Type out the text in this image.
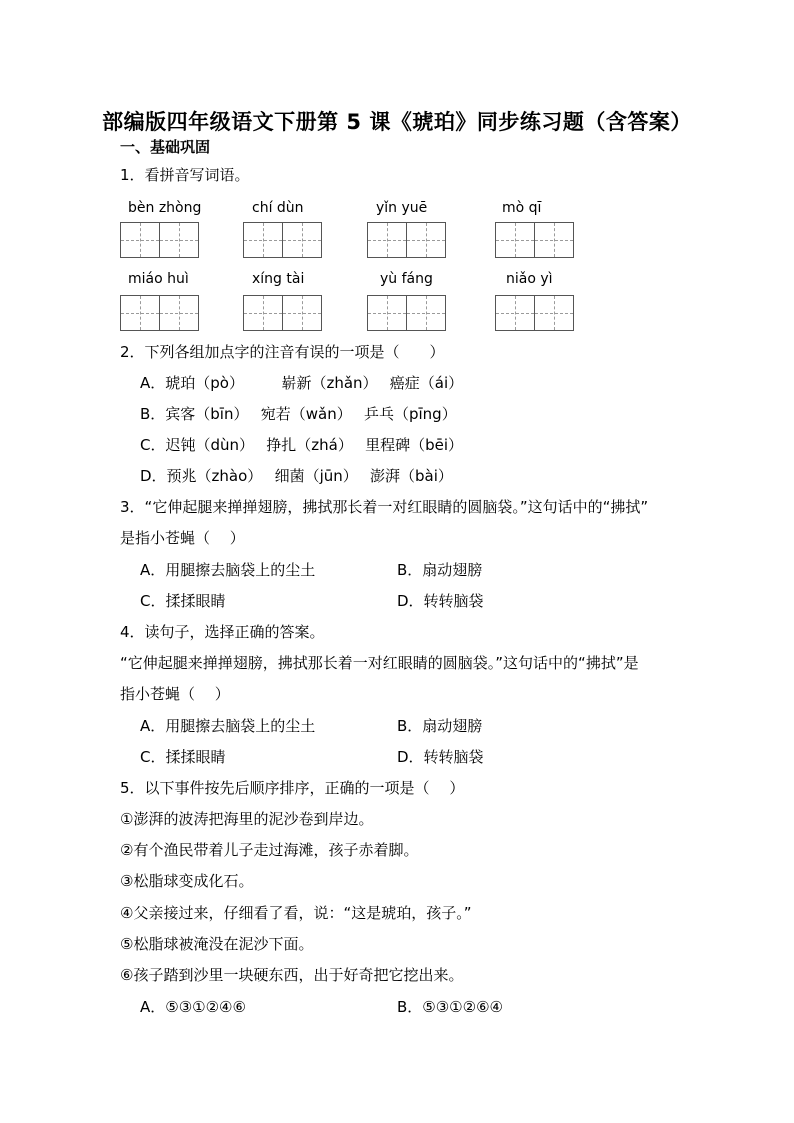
部编版四年级语文下册第 5 课《琥珀》同步练习题（含答案）
一、基础巩固
1．看拼音写词语。
bèn zhòng	chí dùn	yǐn yuē	mò qī
miáo huì	xíng tài	yù fáng	niǎo yì
2．下列各组加点字的注音有误的一项是（　　）
A．琥珀（pò）　　　崭新（zhǎn）　 癌症（ái）
B．宾客（bīn）　 宛若（wǎn）　 乒乓（pīng）
C．迟钝（dùn）　 挣扎（zhá）　 里程碑（bēi）
D．预兆（zhào）　 细菌（jūn）　 澎湃（bài）
3．“它伸起腿来掸掸翅膀，拂拭那长着一对红眼睛的圆脑袋。”这句话中的“拂拭”
是指小苍蝇（　 ）
A．用腿擦去脑袋上的尘土	B．扇动翅膀
C．揉揉眼睛	D．转转脑袋
4．读句子，选择正确的答案。
“它伸起腿来掸掸翅膀，拂拭那长着一对红眼睛的圆脑袋。”这句话中的“拂拭”是
指小苍蝇（　 ）
A．用腿擦去脑袋上的尘土	B．扇动翅膀
C．揉揉眼睛	D．转转脑袋
5．以下事件按先后顺序排序，正确的一项是（　 ）
①澎湃的波涛把海里的泥沙卷到岸边。
②有个渔民带着儿子走过海滩，孩子赤着脚。
③松脂球变成化石。
④父亲接过来，仔细看了看，说：“这是琥珀，孩子。”
⑤松脂球被淹没在泥沙下面。
⑥孩子踏到沙里一块硬东西，出于好奇把它挖出来。
A．⑤③①②④⑥	B．⑤③①②⑥④
